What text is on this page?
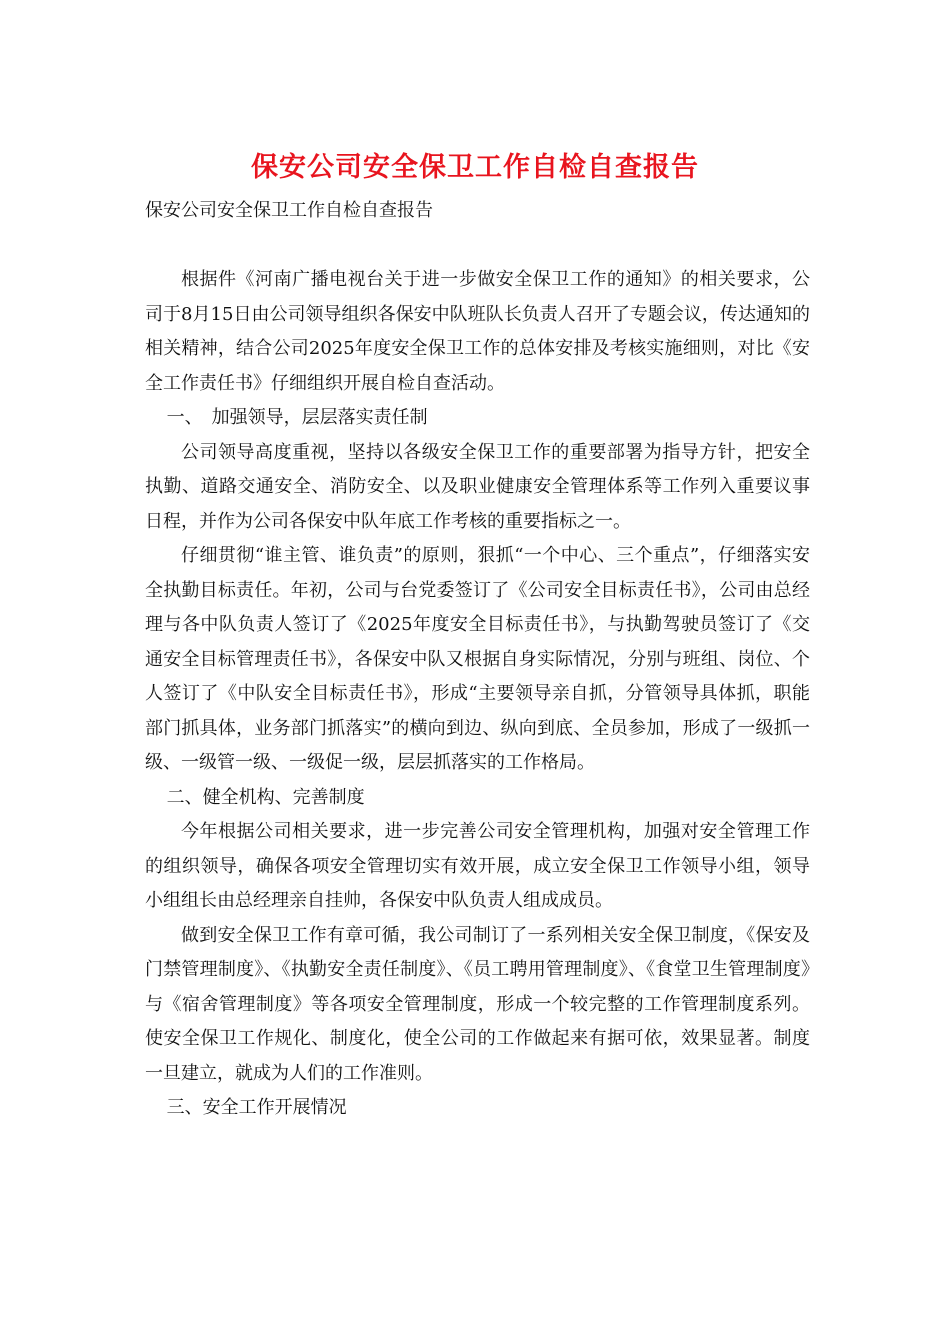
保安公司安全保卫工作自检自查报告
保安公司安全保卫工作自检自查报告

根据件《河南广播电视台关于进一步做安全保卫工作的通知》的相关要求，公司于8月15日由公司领导组织各保安中队班队长负责人召开了专题会议，传达通知的相关精神，结合公司2025年度安全保卫工作的总体安排及考核实施细则，对比《安全工作责任书》仔细组织开展自检自查活动。

一、　加强领导，层层落实责任制

公司领导高度重视，坚持以各级安全保卫工作的重要部署为指导方针，把安全执勤、道路交通安全、消防安全、以及职业健康安全管理体系等工作列入重要议事日程，并作为公司各保安中队年底工作考核的重要指标之一。

仔细贯彻“谁主管、谁负责”的原则，狠抓“一个中心、三个重点”，仔细落实安全执勤目标责任。年初，公司与台党委签订了《公司安全目标责任书》，公司由总经理与各中队负责人签订了《2025年度安全目标责任书》，与执勤驾驶员签订了《交通安全目标管理责任书》，各保安中队又根据自身实际情况，分别与班组、岗位、个人签订了《中队安全目标责任书》，形成“主要领导亲自抓，分管领导具体抓，职能部门抓具体，业务部门抓落实”的横向到边、纵向到底、全员参加，形成了一级抓一级、一级管一级、一级促一级，层层抓落实的工作格局。

二、健全机构、完善制度

今年根据公司相关要求，进一步完善公司安全管理机构，加强对安全管理工作的组织领导，确保各项安全管理切实有效开展，成立安全保卫工作领导小组，领导小组组长由总经理亲自挂帅，各保安中队负责人组成成员。

做到安全保卫工作有章可循，我公司制订了一系列相关安全保卫制度，《保安及门禁管理制度》、《执勤安全责任制度》、《员工聘用管理制度》、《食堂卫生管理制度》与《宿舍管理制度》等各项安全管理制度，形成一个较完整的工作管理制度系列。使安全保卫工作规化、制度化，使全公司的工作做起来有据可依，效果显著。制度一旦建立，就成为人们的工作准则。

三、安全工作开展情况
